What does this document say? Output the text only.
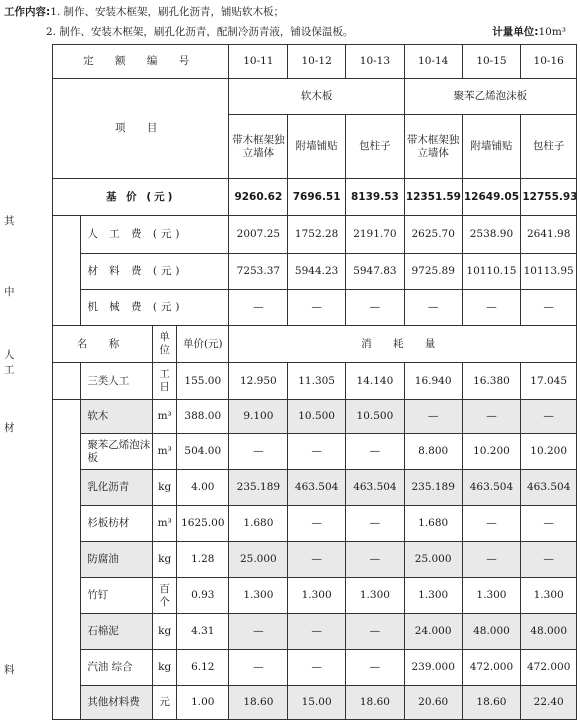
工作内容:1. 制作、安装木框架，刷孔化沥青，铺贴软木板；
2. 制作、安装木框架，刷孔化沥青，配制冷沥青液，铺设保温板。	计量单位:10m³
其
中
人
工
材
料
定 额 编 号				10-11	10-12	10-13	10-14	10-15	10-16
项 目				软木板			聚苯乙烯泡沫板		
				带木框架独立墙体	附墙铺贴	包柱子	带木框架独立墙体	附墙铺贴	包柱子
基 价 (元)				9260.62	7696.51	8139.53	12351.59	12649.05	12755.93
	人 工 费 (元)			2007.25	1752.28	2191.70	2625.70	2538.90	2641.98
	材 料 费 (元)			7253.37	5944.23	5947.83	9725.89	10110.15	10113.95
	机 械 费 (元)			—	—	—	—	—	—
名 称		单位	单价(元)	消 耗 量					
	三类人工	工日	155.00	12.950	11.305	14.140	16.940	16.380	17.045
	软木	m³	388.00	9.100	10.500	10.500	—	—	—
	聚苯乙烯泡沫板	m³	504.00	—	—	—	8.800	10.200	10.200
	乳化沥青	kg	4.00	235.189	463.504	463.504	235.189	463.504	463.504
	杉板枋材	m³	1625.00	1.680	—	—	1.680	—	—
	防腐油	kg	1.28	25.000	—	—	25.000	—	—
	竹钉	百个	0.93	1.300	1.300	1.300	1.300	1.300	1.300
	石棉泥	kg	4.31	—	—	—	24.000	48.000	48.000
	汽油 综合	kg	6.12	—	—	—	239.000	472.000	472.000
	其他材料费	元	1.00	18.60	15.00	18.60	20.60	18.60	22.40
